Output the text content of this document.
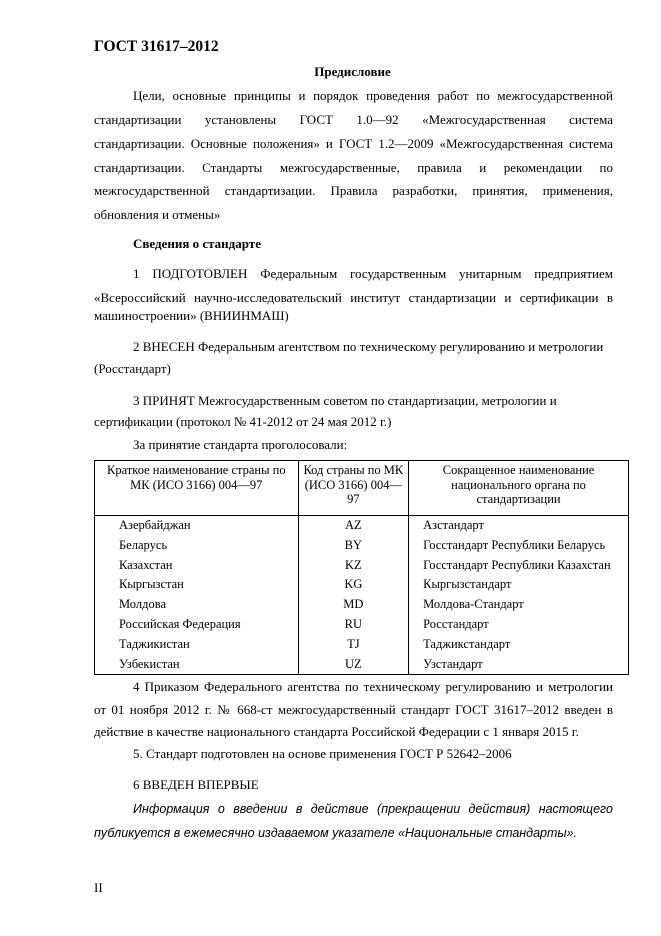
ГОСТ 31617–2012
Предисловие
Цели, основные принципы и порядок проведения работ по межгосударственной
стандартизации установлены ГОСТ 1.0—92 «Межгосударственная система
стандартизации. Основные положения» и ГОСТ 1.2—2009 «Межгосударственная система
стандартизации. Стандарты межгосударственные, правила и рекомендации по
межгосударственной стандартизации. Правила разработки, принятия, применения,
обновления и отмены»
Сведения о стандарте
1 ПОДГОТОВЛЕН Федеральным государственным унитарным предприятием
«Всероссийский научно-исследовательский институт стандартизации и сертификации в
машиностроении» (ВНИИНМАШ)
2 ВНЕСЕН Федеральным агентством по техническому регулированию и метрологии
(Росстандарт)
3 ПРИНЯТ Межгосударственным советом по стандартизации, метрологии и
сертификации (протокол № 41-2012 от 24 мая 2012 г.)
За принятие стандарта проголосовали:
Краткое наименование страны по МК (ИСО 3166) 004—97	Код страны по МК (ИСО 3166) 004—97	Сокращенное наименование национального органа по стандартизации
Азербайджан	AZ	Азстандарт
Беларусь	BY	Госстандарт Республики Беларусь
Казахстан	KZ	Госстандарт Республики Казахстан
Кыргызстан	KG	Кыргызстандарт
Молдова	MD	Молдова-Стандарт
Российская Федерация	RU	Росстандарт
Таджикистан	TJ	Таджикстандарт
Узбекистан	UZ	Узстандарт
4 Приказом Федерального агентства по техническому регулированию и метрологии
от 01 ноября 2012 г. № 668-ст межгосударственный стандарт ГОСТ 31617–2012 введен в
действие в качестве национального стандарта Российской Федерации с 1 января 2015 г.
5. Стандарт подготовлен на основе применения ГОСТ Р 52642–2006
6 ВВЕДЕН ВПЕРВЫЕ
Информация о введении в действие (прекращении действия) настоящего
публикуется в ежемесячно издаваемом указателе «Национальные стандарты».
II
